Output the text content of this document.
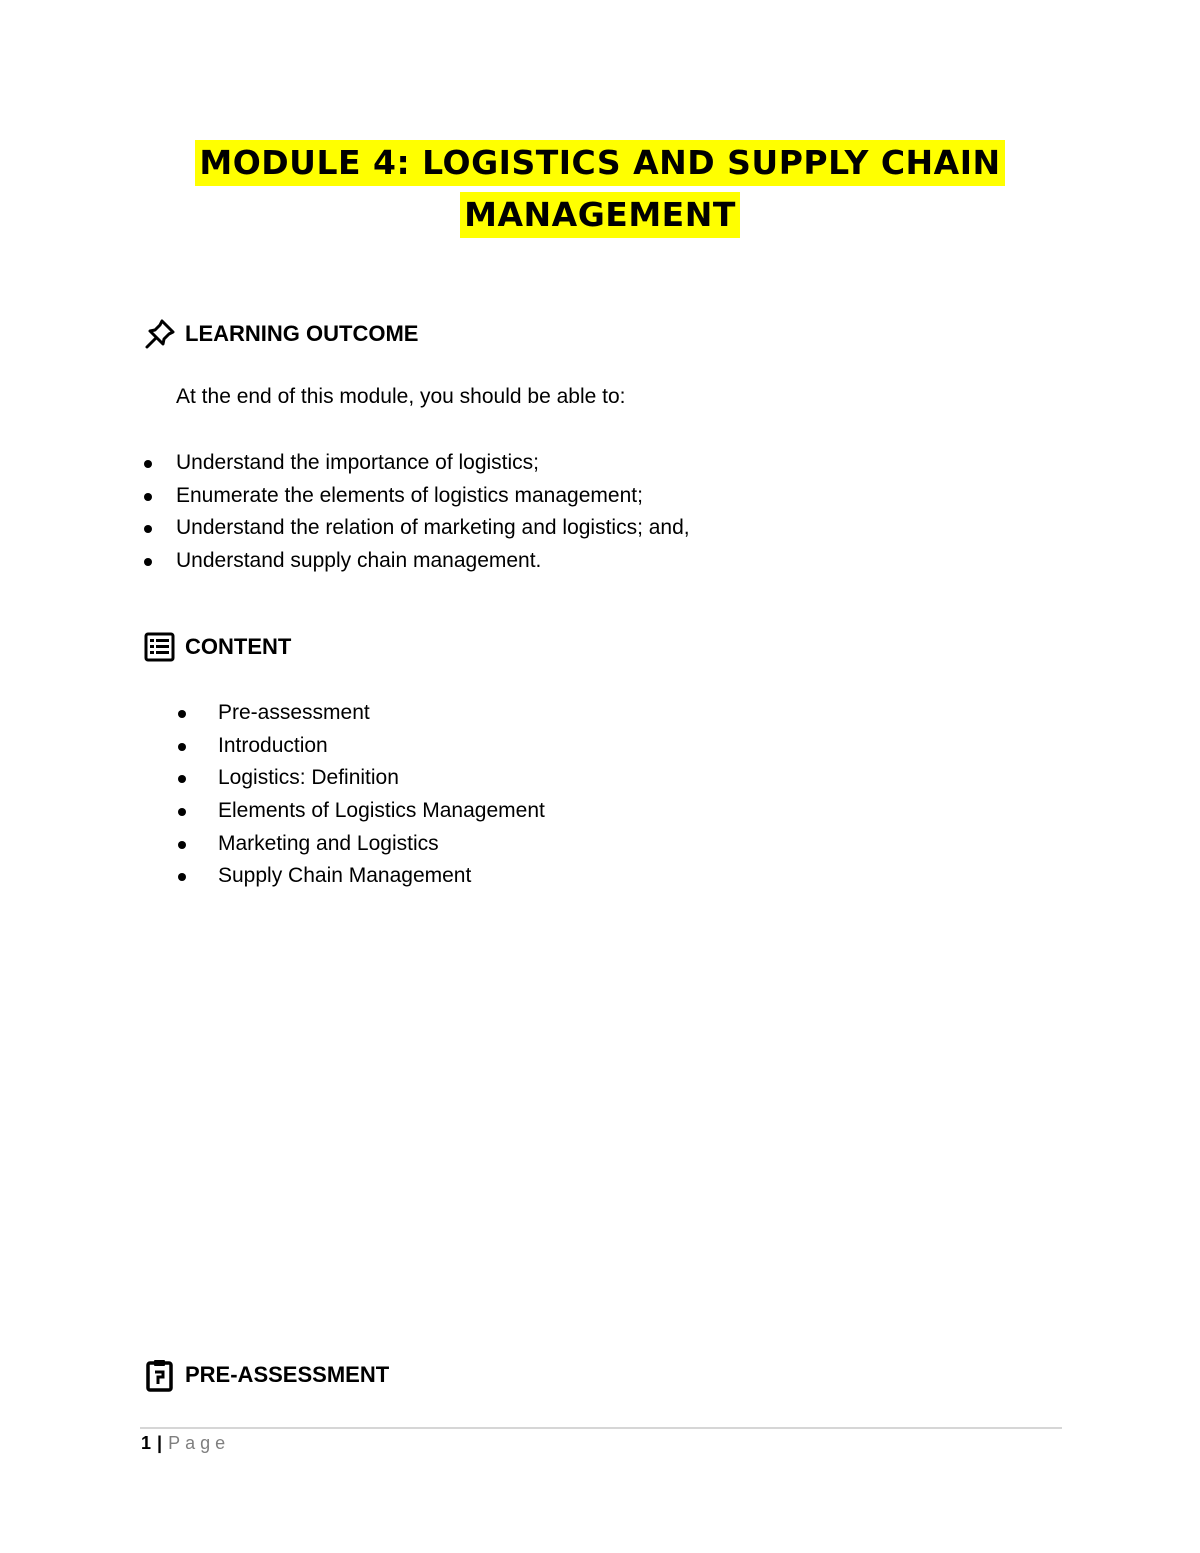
MODULE 4: LOGISTICS AND SUPPLY CHAIN
MANAGEMENT
LEARNING OUTCOME
At the end of this module, you should be able to:
Understand the importance of logistics;
Enumerate the elements of logistics management;
Understand the relation of marketing and logistics; and,
Understand supply chain management.
CONTENT
Pre-assessment
Introduction
Logistics: Definition
Elements of Logistics Management
Marketing and Logistics
Supply Chain Management
PRE-ASSESSMENT
1 | Page
